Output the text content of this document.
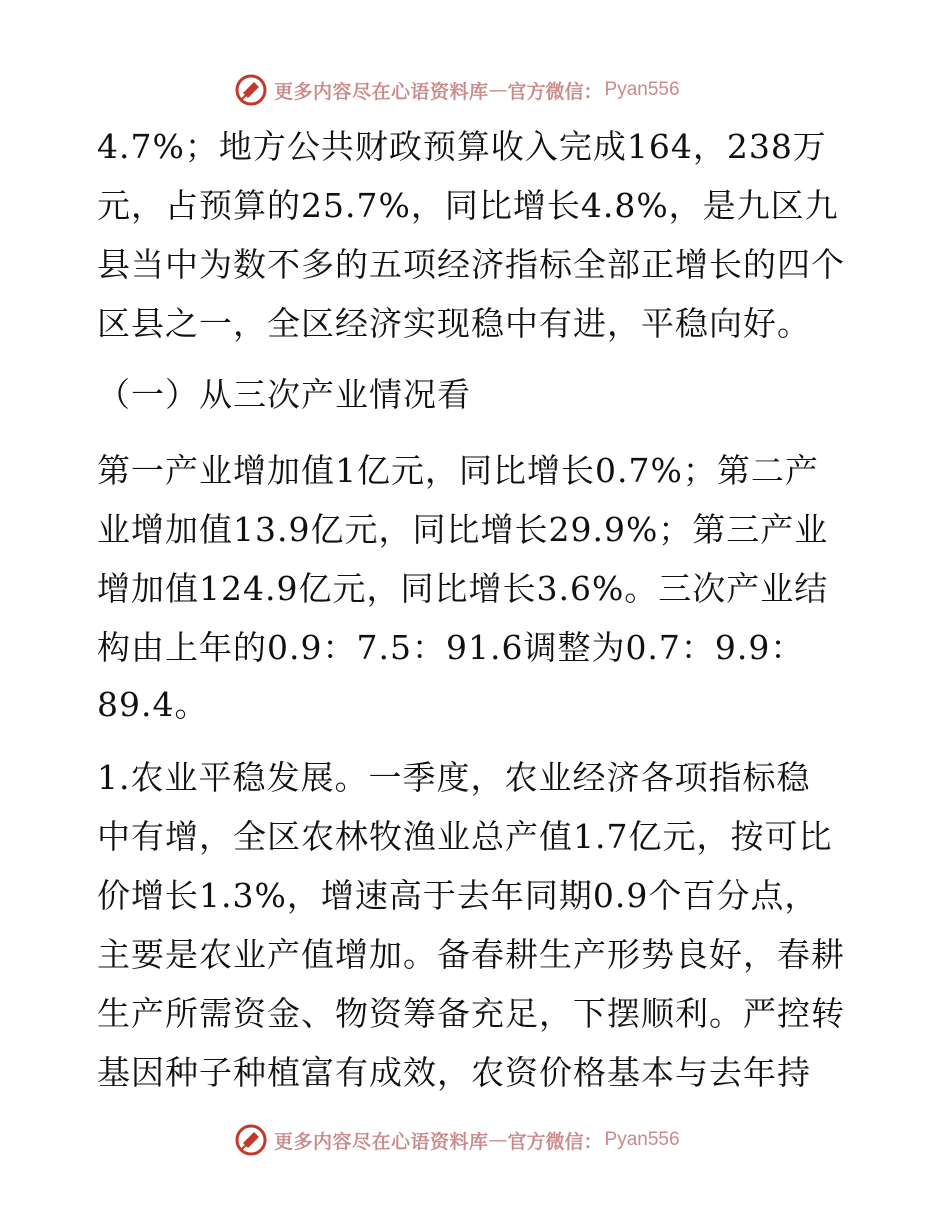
更多内容尽在心语资料库 — 官方微信： Pyan556
4.7%；地方公共财政预算收入完成164，238万
元，占预算的25.7%，同比增长4.8%，是九区九
县当中为数不多的五项经济指标全部正增长的四个
区县之一，全区经济实现稳中有进，平稳向好。
（一）从三次产业情况看
第一产业增加值1亿元，同比增长0.7%；第二产
业增加值13.9亿元，同比增长29.9%；第三产业
增加值124.9亿元，同比增长3.6%。三次产业结
构由上年的0.9：7.5：91.6调整为0.7：9.9：
89.4。
1.农业平稳发展。一季度，农业经济各项指标稳
中有增，全区农林牧渔业总产值1.7亿元，按可比
价增长1.3%，增速高于去年同期0.9个百分点，
主要是农业产值增加。备春耕生产形势良好，春耕
生产所需资金、物资筹备充足，下摆顺利。严控转
基因种子种植富有成效，农资价格基本与去年持
更多内容尽在心语资料库 — 官方微信： Pyan556
